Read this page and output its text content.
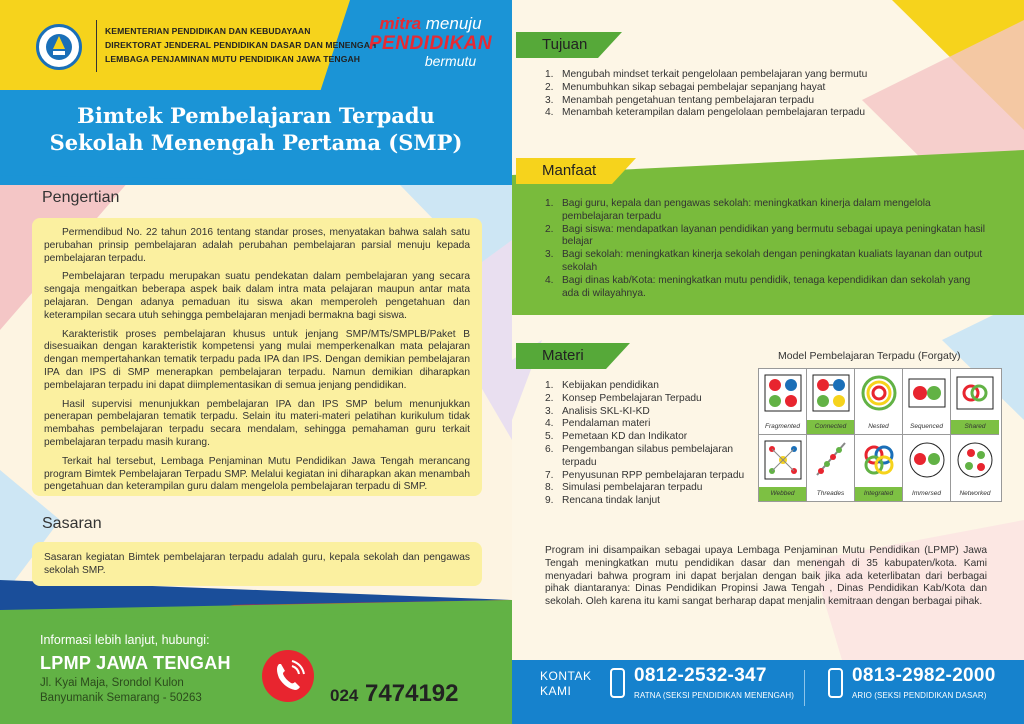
KEMENTERIAN PENDIDIKAN DAN KEBUDAYAAN
DIREKTORAT JENDERAL PENDIDIKAN DASAR DAN MENENGAH
LEMBAGA PENJAMINAN MUTU PENDIDIKAN JAWA TENGAH
mitra menuju
PENDIDIKAN
bermutu
Bimtek Pembelajaran Terpadu
Sekolah Menengah Pertama (SMP)
Pengertian

Permendibud No. 22 tahun 2016 tentang standar proses, menyatakan bahwa salah satu perubahan prinsip pembelajaran adalah perubahan pembelajaran parsial menuju kepada pembelajaran terpadu.

Pembelajaran terpadu merupakan suatu pendekatan dalam pembelajaran yang secara sengaja mengaitkan beberapa aspek baik dalam intra mata pelajaran maupun antar mata pelajaran. Dengan adanya pemaduan itu siswa akan memperoleh pengetahuan dan keterampilan secara utuh sehingga pembelajaran menjadi bermakna bagi siswa.

Karakteristik proses pembelajaran khusus untuk jenjang SMP/MTs/SMPLB/Paket B disesuaikan dengan karakteristik kompetensi yang mulai memperkenalkan mata pelajaran dengan mempertahankan tematik terpadu pada IPA dan IPS. Dengan demikian pembelajaran IPA dan IPS di SMP menerapkan pembelajaran terpadu. Namun demikian diharapkan pembelajaran terpadu ini dapat diimplementasikan di semua jenjang pendidikan.

Hasil supervisi menunjukkan pembelajaran IPA dan IPS SMP belum menunjukkan penerapan pembelajaran tematik terpadu. Selain itu materi-materi pelatihan kurikulum tidak membahas pembelajaran terpadu secara mendalam, sehingga pemahaman guru terkait pembelajaran terpadu masih kurang.

Terkait hal tersebut, Lembaga Penjaminan Mutu Pendidikan Jawa Tengah merancang program Bimtek Pembelajaran Terpadu SMP. Melalui kegiatan ini diharapkan akan menambah pengetahuan dan keterampilan guru dalam mengelola pembelajaran terpadu di SMP.

Sasaran
Sasaran kegiatan Bimtek pembelajaran terpadu adalah guru, kepala sekolah dan pengawas sekolah SMP.
Informasi lebih lanjut, hubungi:
LPMP JAWA TENGAH
Jl. Kyai Maja, Srondol Kulon
Banyumanik Semarang - 50263	024 7474192
Tujuan
1. Mengubah mindset terkait pengelolaan pembelajaran yang bermutu
2. Menumbuhkan sikap sebagai pembelajar sepanjang hayat
3. Menambah pengetahuan tentang pembelajaran terpadu
4. Menambah keterampilan dalam pengelolaan pembelajaran terpadu
Manfaat
1. Bagi guru, kepala dan pengawas sekolah: meningkatkan kinerja dalam mengelola pembelajaran terpadu
2. Bagi siswa: mendapatkan layanan pendidikan yang bermutu sebagai upaya peningkatan hasil belajar
3. Bagi sekolah: meningkatkan kinerja sekolah dengan peningkatan kualiats layanan dan output sekolah
4. Bagi dinas kab/Kota: meningkatkan mutu pendidik, tenaga kependidikan dan sekolah yang ada di wilayahnya.
Materi
1. Kebijakan pendidikan
2. Konsep Pembelajaran Terpadu
3. Analisis SKL-KI-KD
4. Pendalaman materi
5. Pemetaan KD dan Indikator
6. Pengembangan silabus pembelajaran terpadu
7. Penyusunan RPP pembelajaran terpadu
8. Simulasi pembelajaran terpadu
9. Rencana tindak lanjut
Model Pembelajaran Terpadu (Forgaty)
Fragmented	Connected	Nested	Sequenced	Shared
Webbed	Threades	Integrated	Immersed	Networked
Program ini disampaikan sebagai upaya Lembaga Penjaminan Mutu Pendidikan (LPMP) Jawa Tengah meningkatkan mutu pendidikan dasar dan menengah di 35 kabupaten/kota. Kami menyadari bahwa program ini dapat berjalan dengan baik jika ada keterlibatan dari berbagai pihak diantaranya: Dinas Pendidikan Propinsi Jawa Tengah , Dinas Pendidikan Kab/Kota dan sekolah. Oleh karena itu kami sangat berharap dapat menjalin kemitraan dengan berbagai pihak.
KONTAK
KAMI
0812-2532-347
RATNA (SEKSI PENDIDIKAN MENENGAH)
0813-2982-2000
ARIO (SEKSI PENDIDIKAN DASAR)
